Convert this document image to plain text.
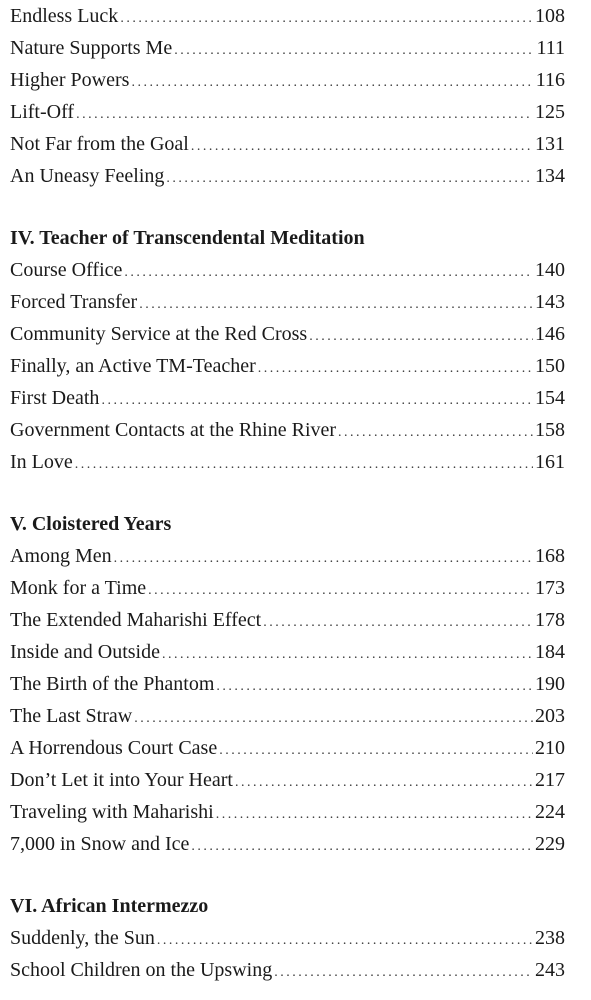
Endless Luck . . .	108
Nature Supports Me . . .	111
Higher Powers . . .	116
Lift-Off . . .	125
Not Far from the Goal . . .	131
An Uneasy Feeling . . .	134
IV. Teacher of Transcendental Meditation
Course Office . . .	140
Forced Transfer . . .	143
Community Service at the Red Cross . . .	146
Finally, an Active TM-Teacher . . .	150
First Death . . .	154
Government Contacts at the Rhine River . . .	158
In Love . . .	161
V. Cloistered Years
Among Men . . .	168
Monk for a Time . . .	173
The Extended Maharishi Effect . . .	178
Inside and Outside . . .	184
The Birth of the Phantom . . .	190
The Last Straw . . .	203
A Horrendous Court Case . . .	210
Don’t Let it into Your Heart . . .	217
Traveling with Maharishi . . .	224
7,000 in Snow and Ice . . .	229
VI. African Intermezzo
Suddenly, the Sun . . .	238
School Children on the Upswing . . .	243
